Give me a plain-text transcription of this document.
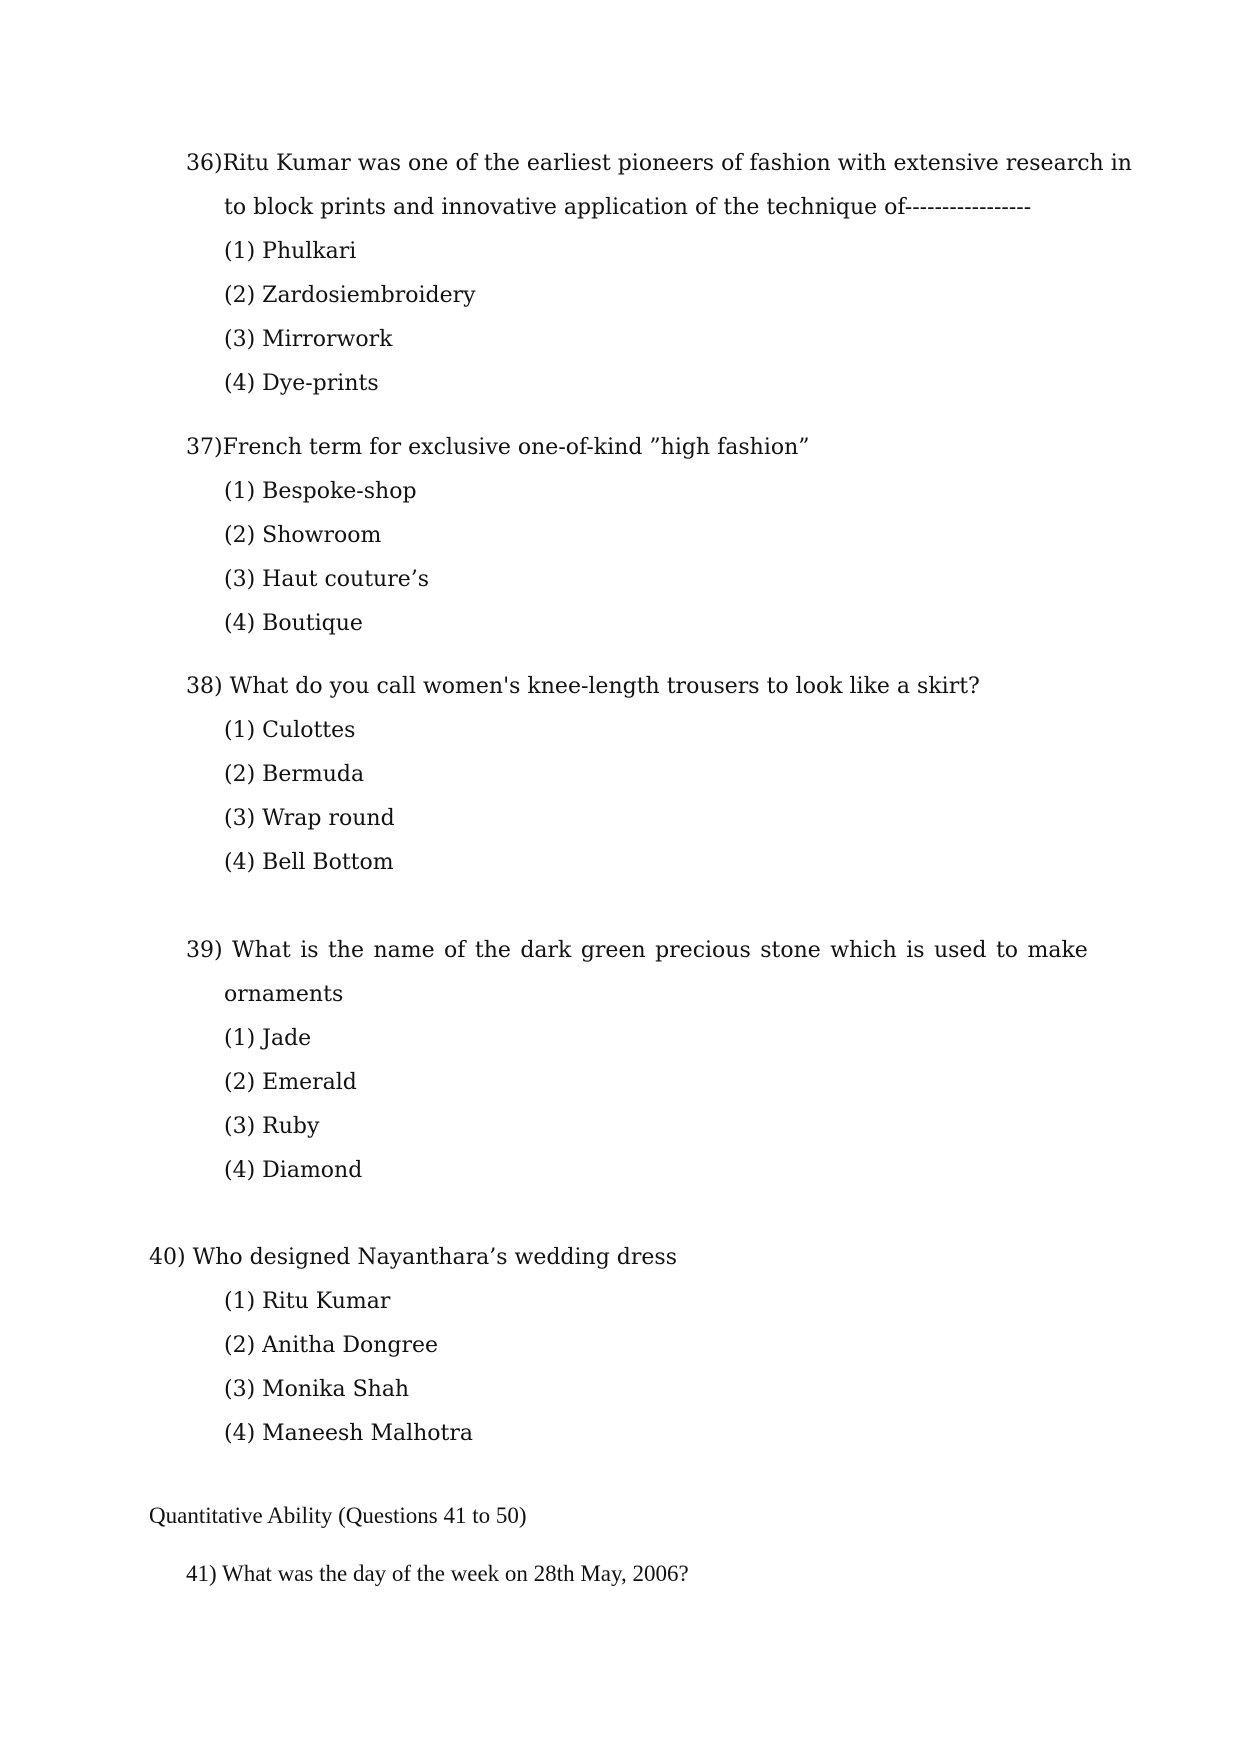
36)Ritu Kumar was one of the earliest pioneers of fashion with extensive research in
to block prints and innovative application of the technique of-----------------
(1) Phulkari
(2) Zardosiembroidery
(3) Mirrorwork
(4) Dye-prints
37)French term for exclusive one-of-kind ”high fashion”
(1) Bespoke-shop
(2) Showroom
(3) Haut couture’s
(4) Boutique
38) What do you call women's knee-length trousers to look like a skirt?
(1) Culottes
(2) Bermuda
(3) Wrap round
(4) Bell Bottom
39) What is the name of the dark green precious stone which is used to make
ornaments
(1) Jade
(2) Emerald
(3) Ruby
(4) Diamond
40) Who designed Nayanthara’s wedding dress
(1) Ritu Kumar
(2) Anitha Dongree
(3) Monika Shah
(4) Maneesh Malhotra
Quantitative Ability (Questions 41 to 50)
41) What was the day of the week on 28th May, 2006?
